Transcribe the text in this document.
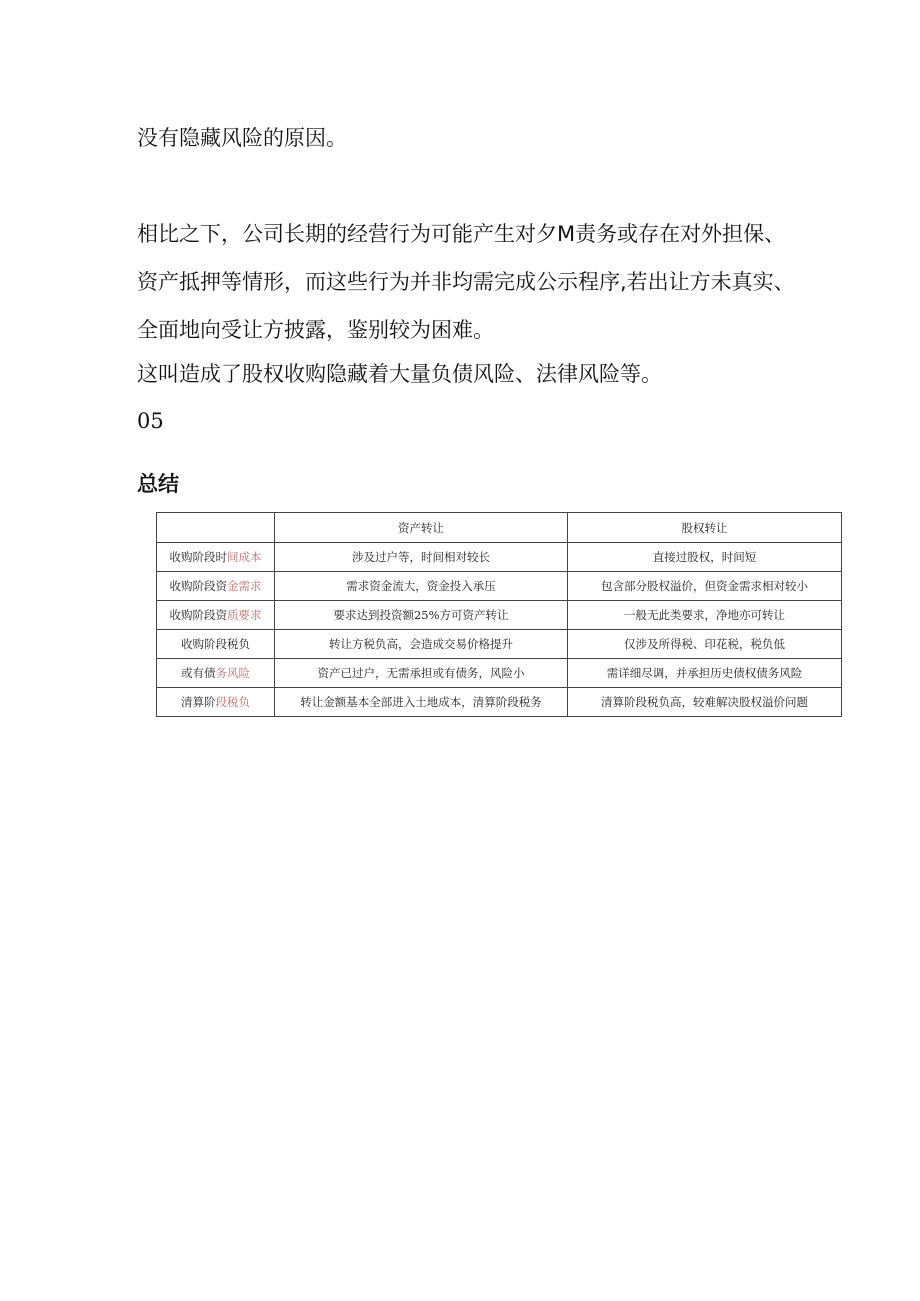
没有隐藏风险的原因。

相比之下，公司长期的经营行为可能产生对夕M责务或存在对外担保、

资产抵押等情形，而这些行为并非均需完成公示程序,若出让方未真实、

全面地向受让方披露，鉴别较为困难。

这叫造成了股权收购隐藏着大量负债风险、法律风险等。

05

总结

	资产转让	股权转让
收购阶段时间成本	涉及过户等，时间相对较长	直接过股权，时间短
收购阶段资金需求	需求资金流大，资金投入承压	包含部分股权溢价，但资金需求相对较小
收购阶段资质要求	要求达到投资额25%方可资产转让	一般无此类要求，净地亦可转让
收购阶段税负	转让方税负高，会造成交易价格提升	仅涉及所得税、印花税，税负低
或有债务风险	资产已过户，无需承担或有债务，风险小	需详细尽调，并承担历史债权债务风险
清算阶段税负	转让金额基本全部进入土地成本，清算阶段税务	清算阶段税负高，较难解决股权溢价问题
